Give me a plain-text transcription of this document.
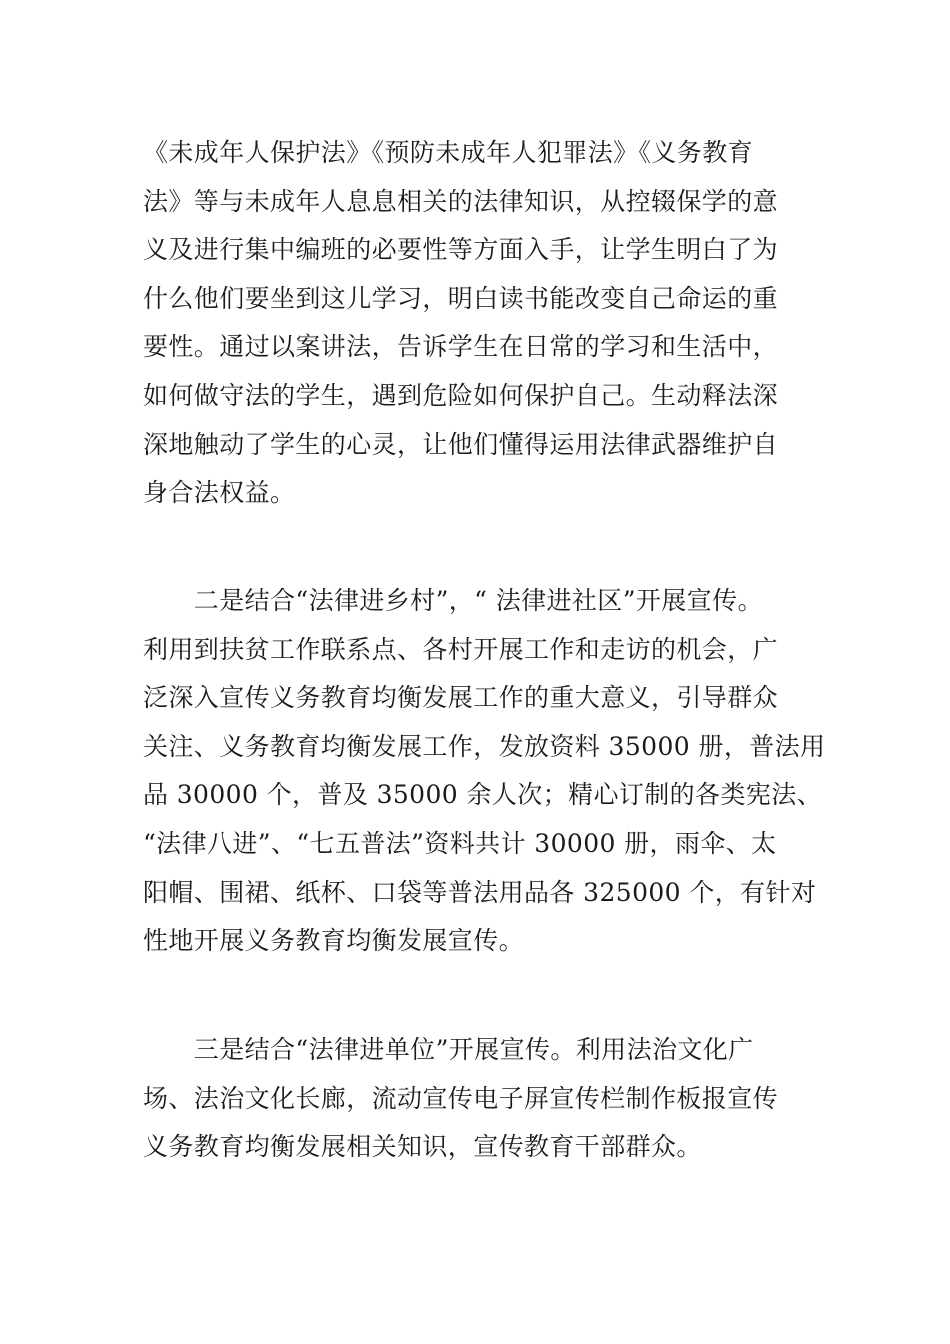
《未成年人保护法》《预防未成年人犯罪法》《义务教育
法》等与未成年人息息相关的法律知识，从控辍保学的意
义及进行集中编班的必要性等方面入手，让学生明白了为
什么他们要坐到这儿学习，明白读书能改变自己命运的重
要性。通过以案讲法，告诉学生在日常的学习和生活中，
如何做守法的学生，遇到危险如何保护自己。生动释法深
深地触动了学生的心灵，让他们懂得运用法律武器维护自
身合法权益。
　　二是结合“法律进乡村”，“ 法律进社区”开展宣传。
利用到扶贫工作联系点、各村开展工作和走访的机会，广
泛深入宣传义务教育均衡发展工作的重大意义，引导群众
关注、义务教育均衡发展工作，发放资料 35000 册，普法用
品 30000 个，普及 35000 余人次；精心订制的各类宪法、
“法律八进”、“七五普法”资料共计 30000 册，雨伞、太
阳帽、围裙、纸杯、口袋等普法用品各 325000 个，有针对
性地开展义务教育均衡发展宣传。
　　三是结合“法律进单位”开展宣传。利用法治文化广
场、法治文化长廊，流动宣传电子屏宣传栏制作板报宣传
义务教育均衡发展相关知识，宣传教育干部群众。
